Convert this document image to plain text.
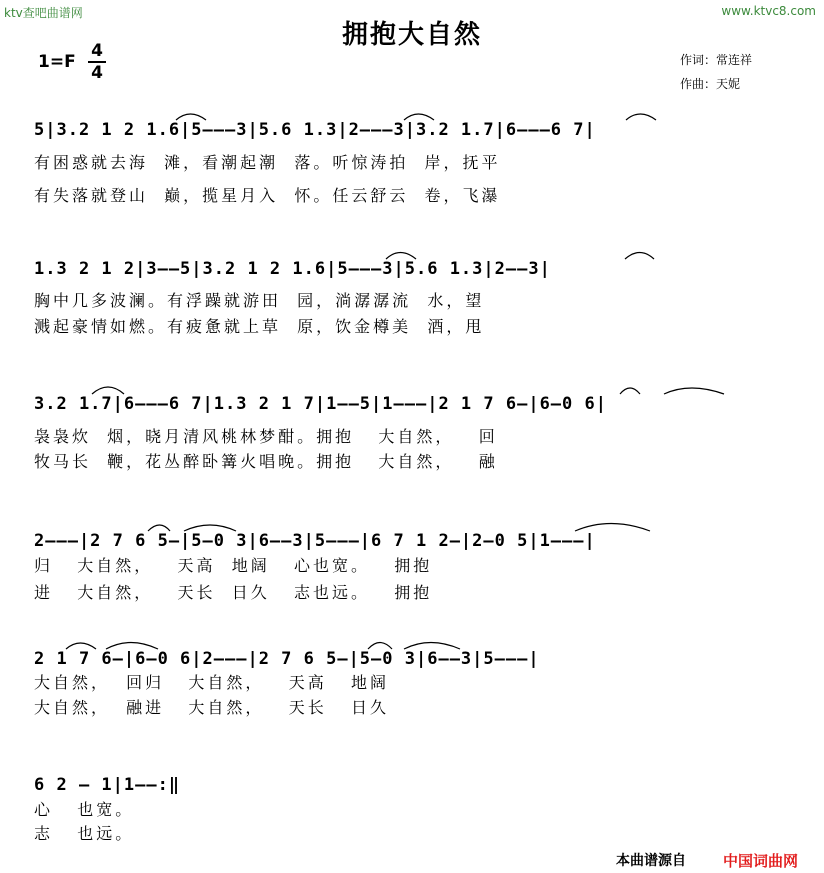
ktv查吧曲谱网	www.ktvc8.com
拥抱大自然
1=F
4
4
作词：常连祥
作曲：天妮
5|3.2 1 2 1.6|5———3|5.6 1.3|2———3|3.2 1.7|6———6 7|
有困惑就去海  滩，看潮起潮  落。听惊涛拍  岸，抚平
有失落就登山  巅，揽星月入  怀。任云舒云  卷，飞瀑
1.3 2 1 2|3——5|3.2 1 2 1.6|5———3|5.6 1.3|2——3|
胸中几多波澜。有浮躁就游田  园，淌潺潺流  水，望
溅起豪情如燃。有疲惫就上草  原，饮金樽美  酒，甩
3.2 1.7|6———6 7|1.3 2 1 7|1——5|1———|2 1 7 6—|6—0 6|
袅袅炊  烟，晓月清风桃林梦酣。拥抱   大自然，   回
牧马长  鞭，花丛醉卧篝火唱晚。拥抱   大自然，   融
2———|2 7 6 5—|5—0 3|6——3|5———|6 7 1 2—|2—0 5|1———|
归   大自然，   天高  地阔   心也宽。   拥抱
进   大自然，   天长  日久   志也远。   拥抱
2 1 7 6—|6—0 6|2———|2 7 6 5—|5—0 3|6——3|5———|
大自然，  回归   大自然，   天高   地阔
大自然，  融进   大自然，   天长   日久
6 2 — 1|1——:‖
心   也宽。
志   也远。
本曲谱源自 中国词曲网
